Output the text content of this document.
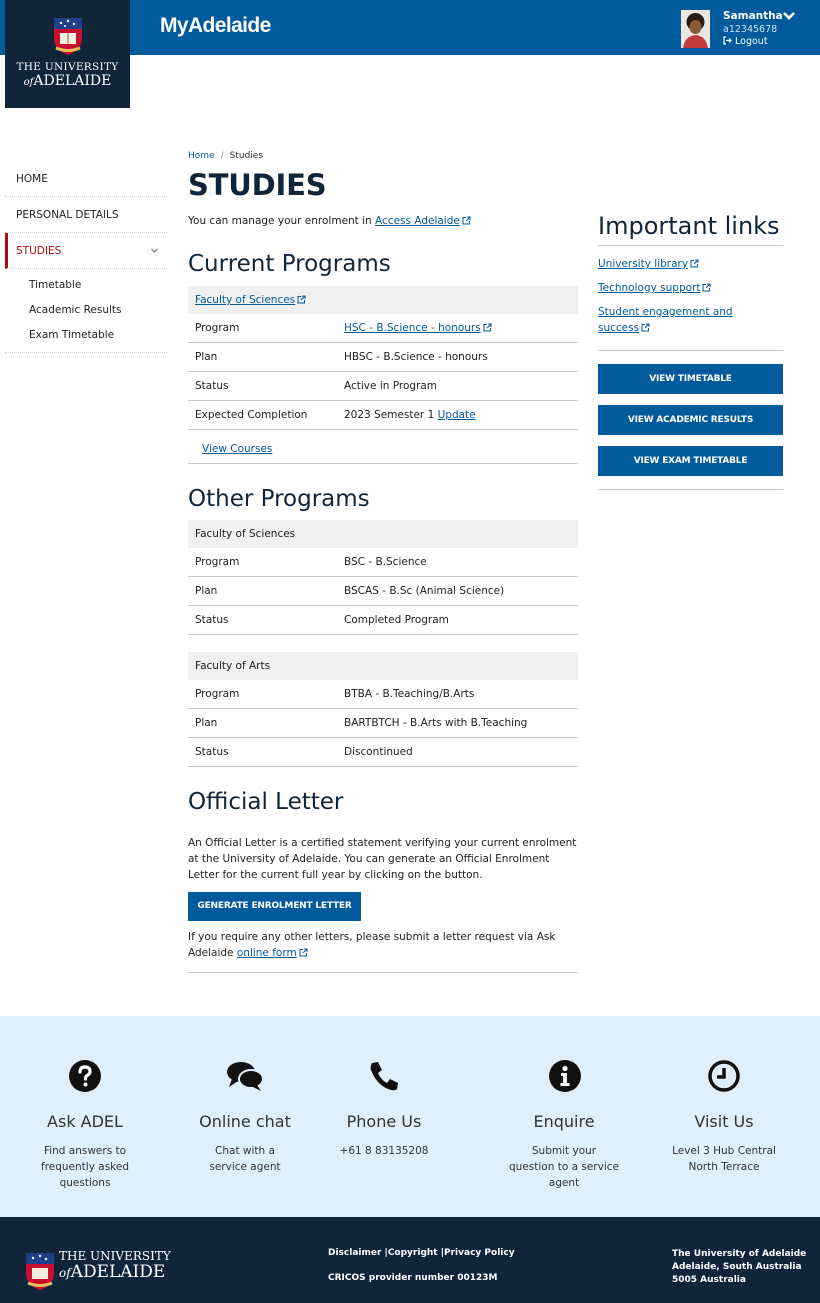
THE UNIVERSITY
ofADELAIDE
MyAdelaide	Samantha
a12345678
Logout
HOME
PERSONAL DETAILS
STUDIES
Timetable
Academic Results
Exam Timetable
Home / Studies
STUDIES
You can manage your enrolment in Access Adelaide
Current Programs
Faculty of Sciences
Program	HSC - B.Science - honours
Plan	HBSC - B.Science - honours
Status	Active in Program
Expected Completion	2023 Semester 1 Update
View Courses
Other Programs
Faculty of Sciences
Program	BSC - B.Science
Plan	BSCAS - B.Sc (Animal Science)
Status	Completed Program
Faculty of Arts
Program	BTBA - B.Teaching/B.Arts
Plan	BARTBTCH - B.Arts with B.Teaching
Status	Discontinued
Official Letter
An Official Letter is a certified statement verifying your current enrolment at the University of Adelaide. You can generate an Official Enrolment Letter for the current full year by clicking on the button.
GENERATE ENROLMENT LETTER
If you require any other letters, please submit a letter request via Ask Adelaide online form
Important links
University library
Technology support
Student engagement and success
VIEW TIMETABLE
VIEW ACADEMIC RESULTS
VIEW EXAM TIMETABLE
Ask ADEL
Find answers to frequently asked questions
Online chat
Chat with a service agent
Phone Us
+61 8 83135208
Enquire
Submit your question to a service agent
Visit Us
Level 3 Hub Central North Terrace
THE UNIVERSITY
ofADELAIDE
Disclaimer |Copyright |Privacy Policy
CRICOS provider number 00123M
The University of Adelaide
Adelaide, South Australia
5005 Australia
